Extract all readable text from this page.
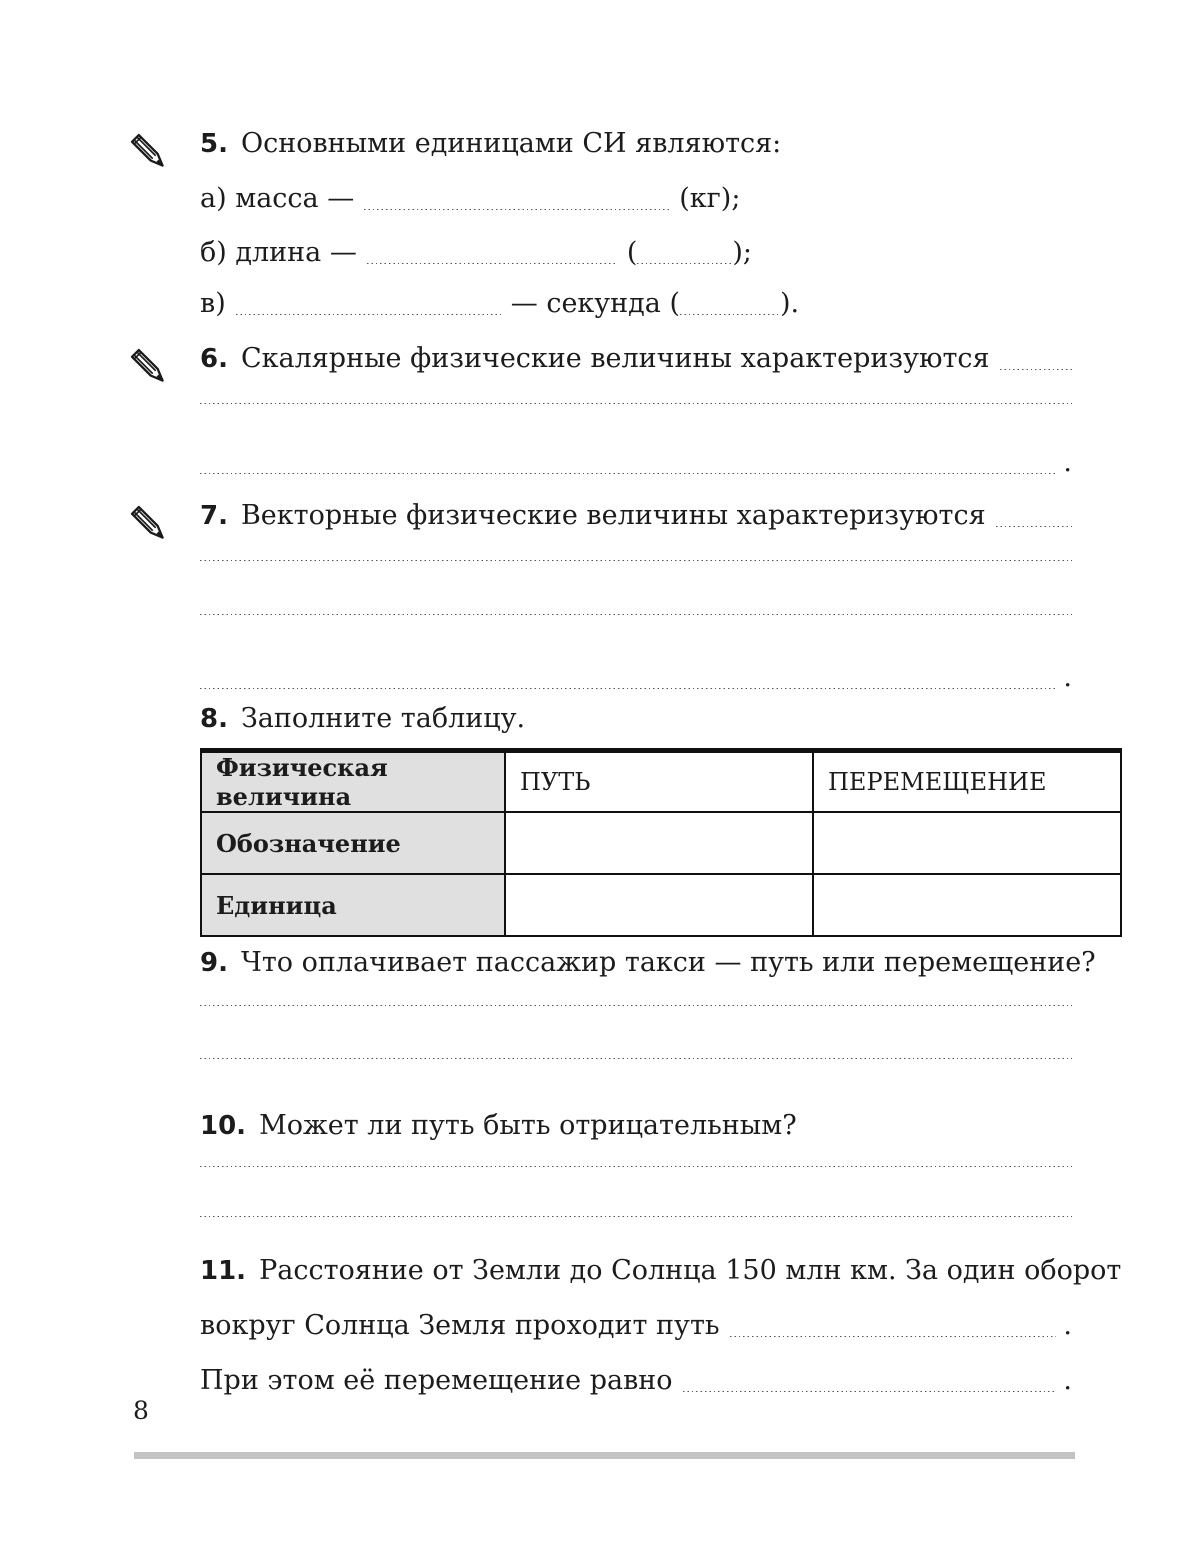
5. Основными единицами СИ являются:
а) масса —	(кг);
б) длина —	(	);
в)	— секунда (	).
6. Скалярные физические величины характеризуются
.
7. Векторные физические величины характеризуются
.
8. Заполните таблицу.
Физическая величина	ПУТЬ	ПЕРЕМЕЩЕНИЕ
Обозначение		
Единица		
9. Что оплачивает пассажир такси — путь или перемещение?
10. Может ли путь быть отрицательным?
11. Расстояние от Земли до Солнца 150 млн км. За один оборот
вокруг Солнца Земля проходит путь	.
При этом её перемещение равно	.
8
